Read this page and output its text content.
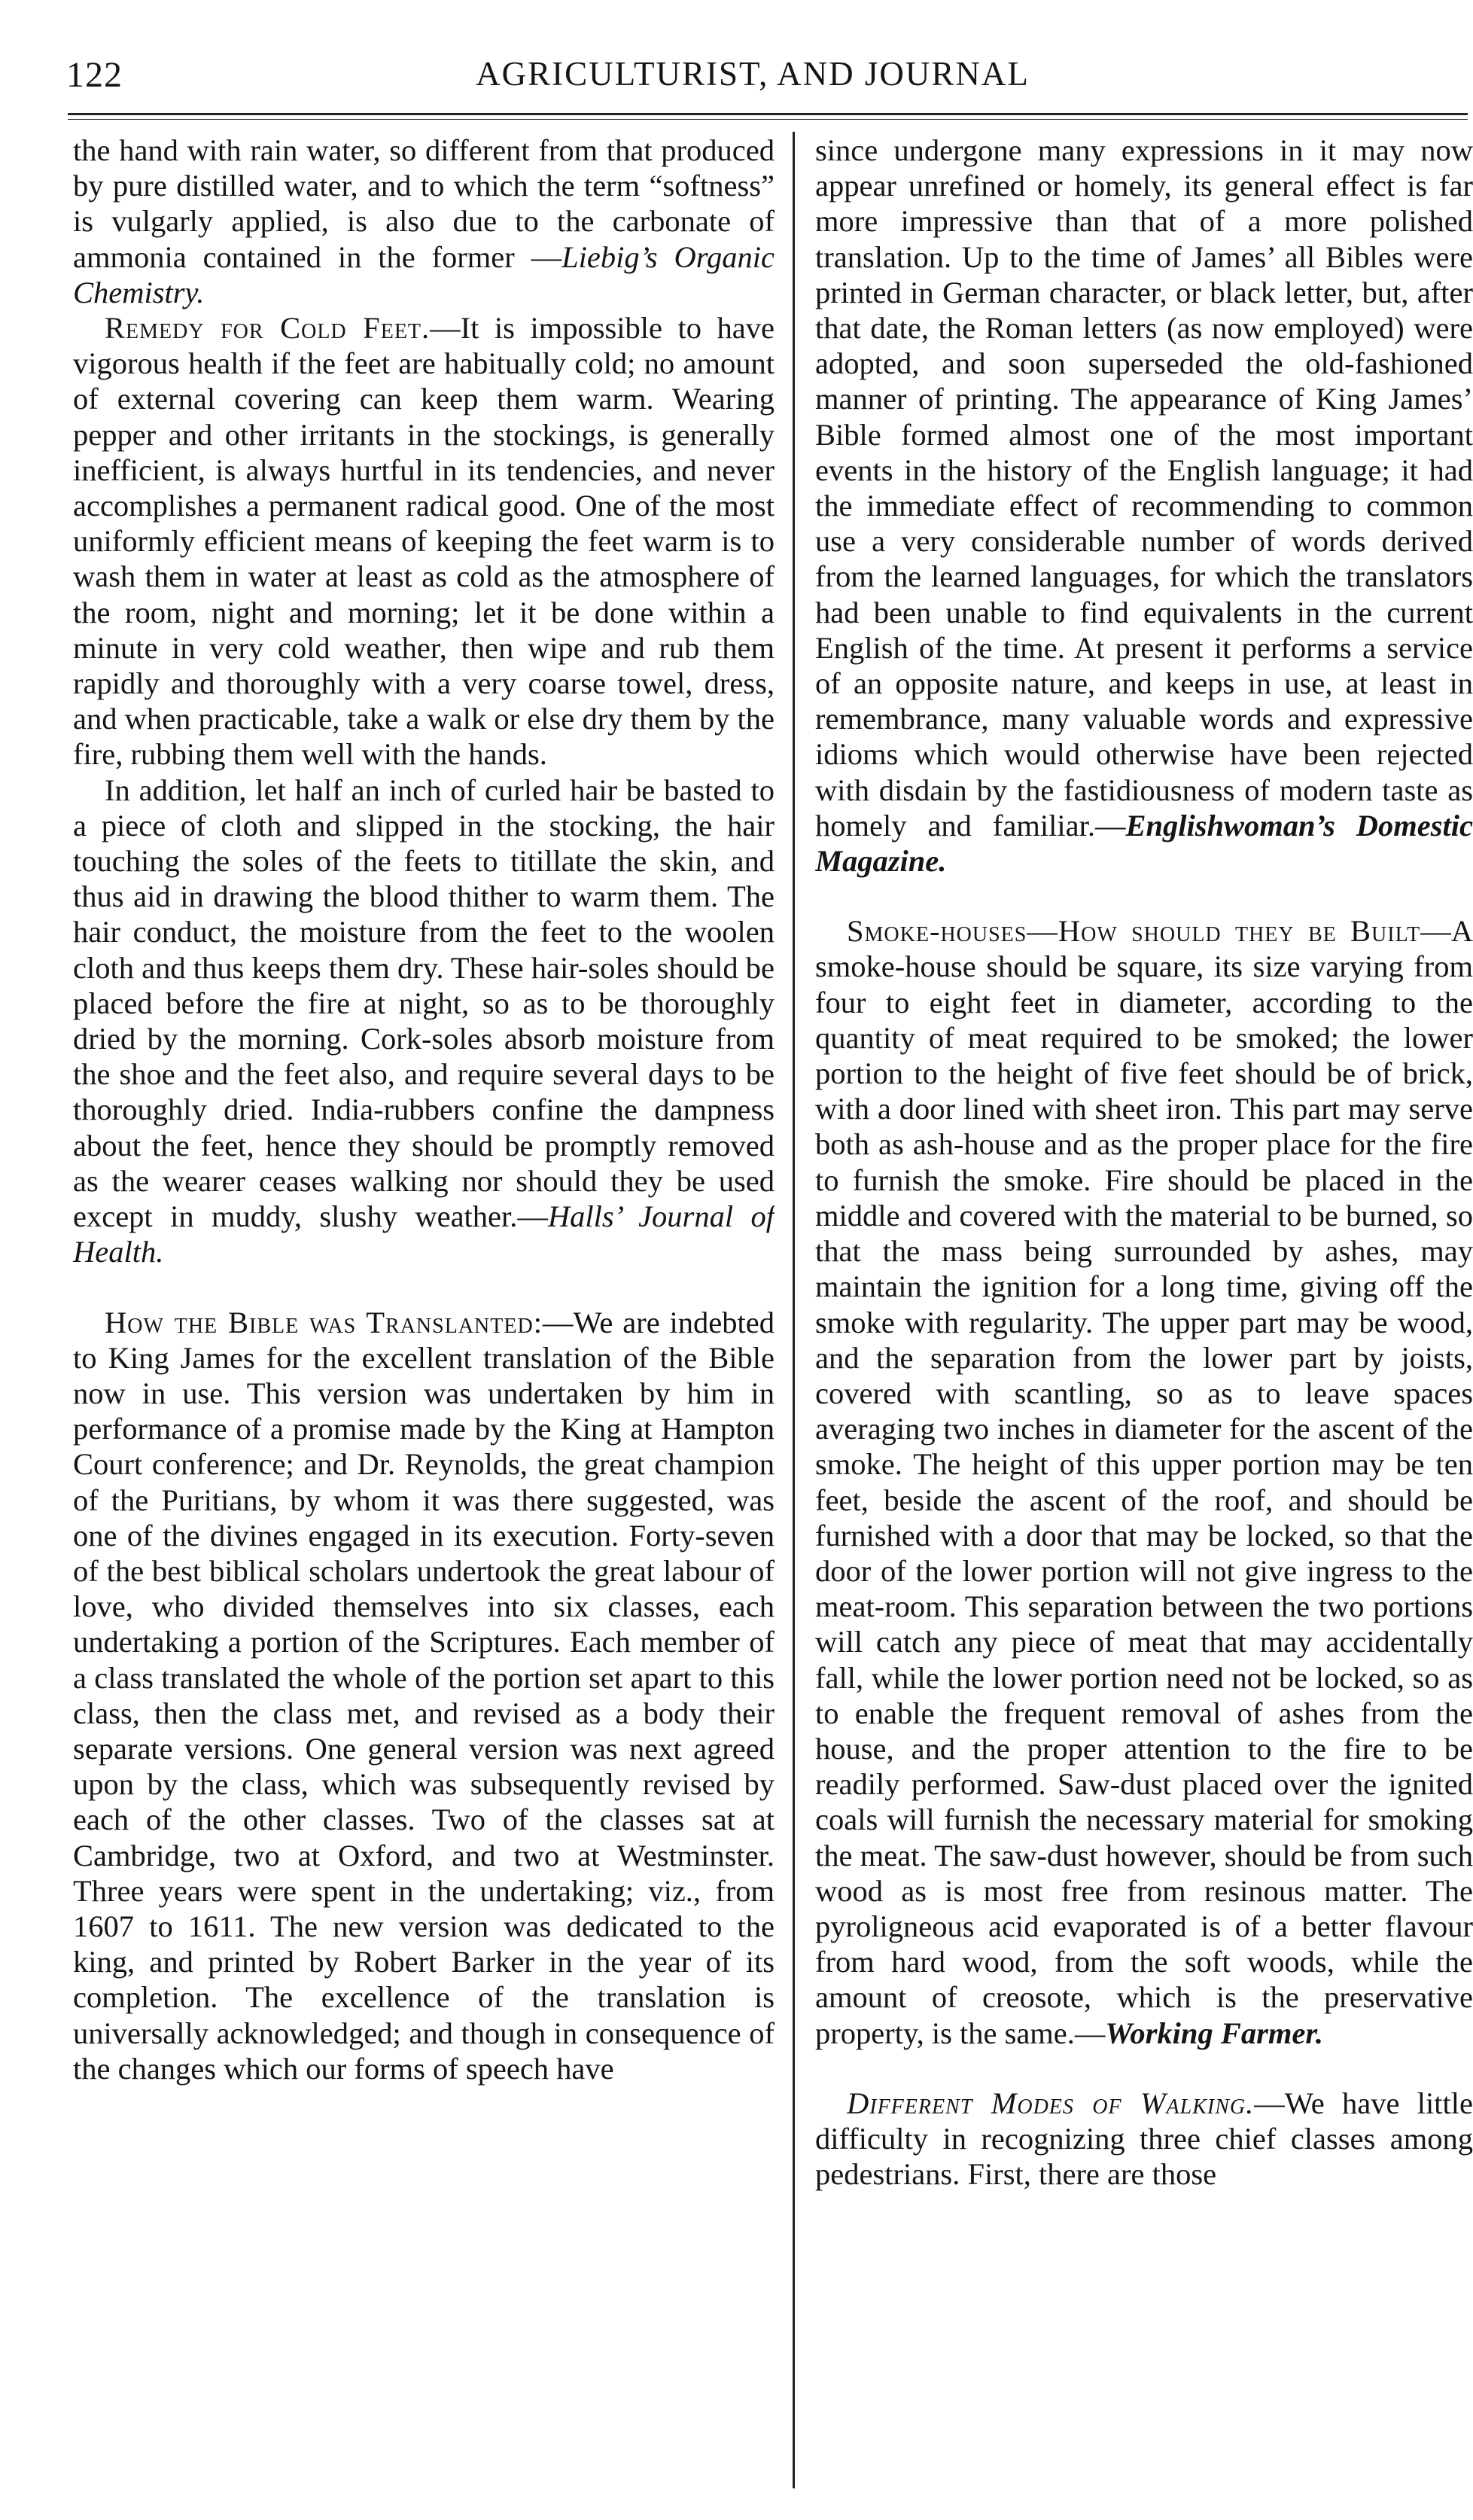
122	AGRICULTURIST, AND JOURNAL

the hand with rain water, so different from that produced by pure distilled water, and to which the term “softness” is vulgarly applied, is also due to the carbonate of ammonia contained in the former —Liebig’s Organic Chemistry.

Remedy for Cold Feet.—It is impossible to have vigorous health if the feet are habitually cold; no amount of external covering can keep them warm. Wearing pepper and other irritants in the stockings, is generally inefficient, is always hurtful in its tendencies, and never accomplishes a permanent radical good. One of the most uniformly efficient means of keeping the feet warm is to wash them in water at least as cold as the atmosphere of the room, night and morning; let it be done within a minute in very cold weather, then wipe and rub them rapidly and thoroughly with a very coarse towel, dress, and when practicable, take a walk or else dry them by the fire, rubbing them well with the hands.

In addition, let half an inch of curled hair be basted to a piece of cloth and slipped in the stocking, the hair touching the soles of the feets to titillate the skin, and thus aid in drawing the blood thither to warm them. The hair conduct, the moisture from the feet to the woolen cloth and thus keeps them dry. These hair-soles should be placed before the fire at night, so as to be thoroughly dried by the morning. Cork-soles absorb moisture from the shoe and the feet also, and require several days to be thoroughly dried. India-rubbers confine the dampness about the feet, hence they should be promptly removed as the wearer ceases walking nor should they be used except in muddy, slushy weather.—Halls’ Journal of Health.

How the Bible was Translanted:—We are indebted to King James for the excellent translation of the Bible now in use. This version was undertaken by him in performance of a promise made by the King at Hampton Court conference; and Dr. Reynolds, the great champion of the Puritians, by whom it was there suggested, was one of the divines engaged in its execution. Forty-seven of the best biblical scholars undertook the great labour of love, who divided themselves into six classes, each undertaking a portion of the Scriptures. Each member of a class translated the whole of the portion set apart to this class, then the class met, and revised as a body their separate versions. One general version was next agreed upon by the class, which was subsequently revised by each of the other classes. Two of the classes sat at Cambridge, two at Oxford, and two at Westminster. Three years were spent in the undertaking; viz., from 1607 to 1611. The new version was dedicated to the king, and printed by Robert Barker in the year of its completion. The excellence of the translation is universally acknowledged; and though in consequence of the changes which our forms of speech have

since undergone many expressions in it may now appear unrefined or homely, its general effect is far more impressive than that of a more polished translation. Up to the time of James’ all Bibles were printed in German character, or black letter, but, after that date, the Roman letters (as now employed) were adopted, and soon superseded the old-fashioned manner of printing. The appearance of King James’ Bible formed almost one of the most important events in the history of the English language; it had the immediate effect of recommending to common use a very considerable number of words derived from the learned languages, for which the translators had been unable to find equivalents in the current English of the time. At present it performs a service of an opposite nature, and keeps in use, at least in remembrance, many valuable words and expressive idioms which would otherwise have been rejected with disdain by the fastidiousness of modern taste as homely and familiar.—Englishwoman’s Domestic Magazine.

Smoke-houses—How should they be Built—A smoke-house should be square, its size varying from four to eight feet in diameter, according to the quantity of meat required to be smoked; the lower portion to the height of five feet should be of brick, with a door lined with sheet iron. This part may serve both as ash-house and as the proper place for the fire to furnish the smoke. Fire should be placed in the middle and covered with the material to be burned, so that the mass being surrounded by ashes, may maintain the ignition for a long time, giving off the smoke with regularity. The upper part may be wood, and the separation from the lower part by joists, covered with scantling, so as to leave spaces averaging two inches in diameter for the ascent of the smoke. The height of this upper portion may be ten feet, beside the ascent of the roof, and should be furnished with a door that may be locked, so that the door of the lower portion will not give ingress to the meat-room. This separation between the two portions will catch any piece of meat that may accidentally fall, while the lower portion need not be locked, so as to enable the frequent removal of ashes from the house, and the proper attention to the fire to be readily performed. Saw-dust placed over the ignited coals will furnish the necessary material for smoking the meat. The saw-dust however, should be from such wood as is most free from resinous matter. The pyroligneous acid evaporated is of a better flavour from hard wood, from the soft woods, while the amount of creosote, which is the preservative property, is the same.—Working Farmer.

Different Modes of Walking.—We have little difficulty in recognizing three chief classes among pedestrians. First, there are those
